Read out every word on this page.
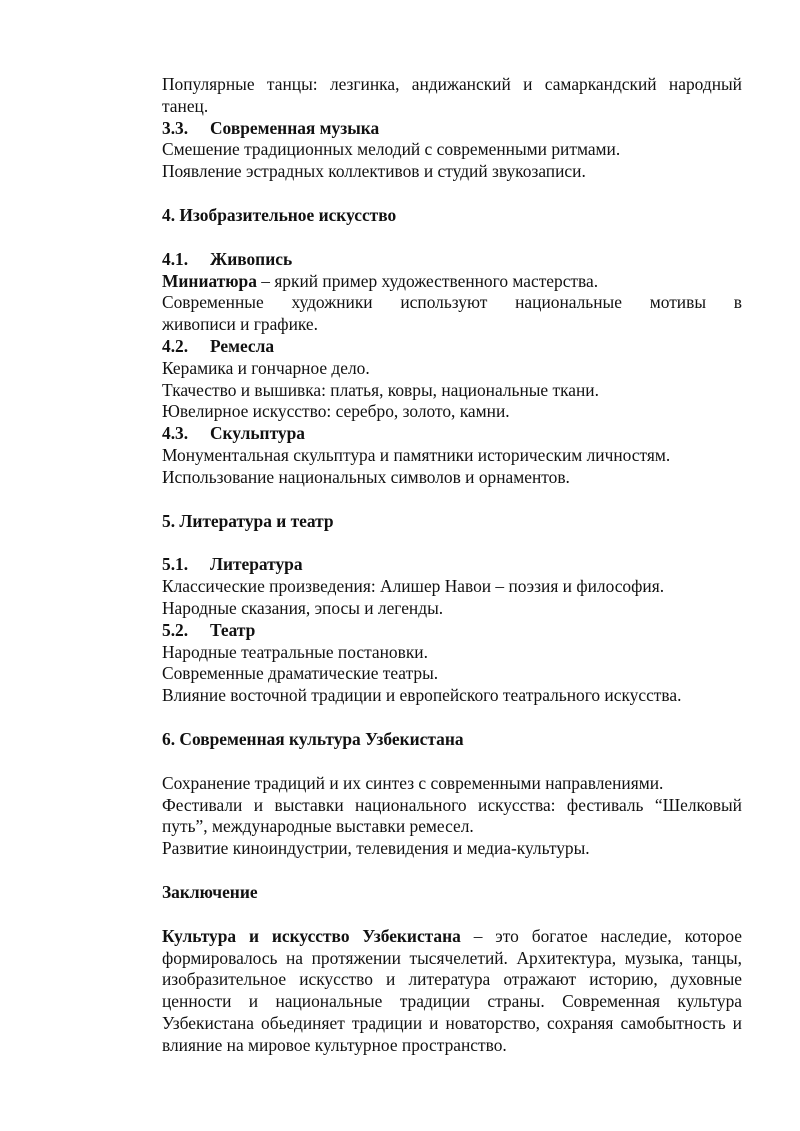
Популярные танцы: лезгинка, андижанский и самаркандский народный

танец.

3.3.	Современная музыка

Смешение традиционных мелодий с современными ритмами.

Появление эстрадных коллективов и студий звукозаписи.

4. Изобразительное искусство

4.1.	Живопись

Миниатюра – яркий пример художественного мастерства.

Современные художники используют национальные мотивы в

живописи и графике.

4.2.	Ремесла

Керамика и гончарное дело.

Ткачество и вышивка: платья, ковры, национальные ткани.

Ювелирное искусство: серебро, золото, камни.

4.3.	Скульптура

Монументальная скульптура и памятники историческим личностям.

Использование национальных символов и орнаментов.

5. Литература и театр

5.1.	Литература

Классические произведения: Алишер Навои – поэзия и философия.

Народные сказания, эпосы и легенды.

5.2.	Театр

Народные театральные постановки.

Современные драматические театры.

Влияние восточной традиции и европейского театрального искусства.

6. Современная культура Узбекистана

Сохранение традиций и их синтез с современными направлениями.

Фестивали и выставки национального искусства: фестиваль “Шелковый

путь”, международные выставки ремесел.

Развитие киноиндустрии, телевидения и медиа-культуры.

Заключение

Культура и искусство Узбекистана – это богатое наследие, которое формировалось на протяжении тысячелетий. Архитектура, музыка, танцы, изобразительное искусство и литература отражают историю, духовные ценности и национальные традиции страны. Современная культура Узбекистана обьединяет традиции и новаторство, сохраняя самобытность и влияние на мировое культурное пространство.
